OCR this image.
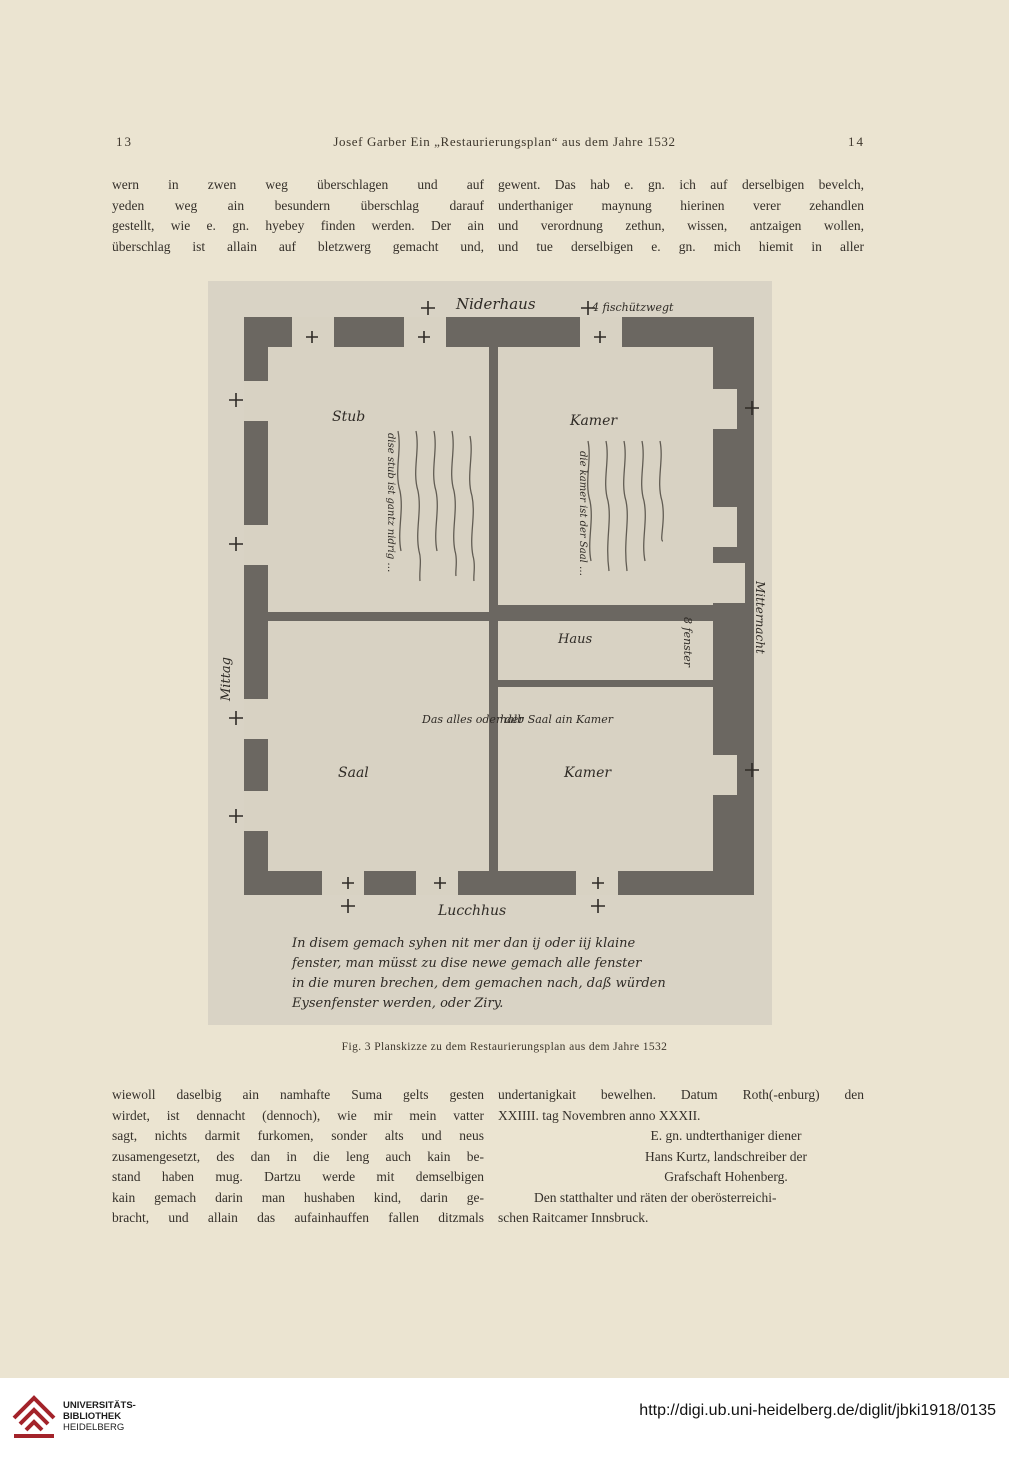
13	Josef Garber Ein „Restaurierungsplan“ aus dem Jahre 1532	14
wern in zwen weg überschlagen und auf
yeden weg ain besundern überschlag darauf
gestellt, wie e. gn. hyebey finden werden. Der ain
überschlag ist allain auf bletzwerg gemacht und,
gewent. Das hab e. gn. ich auf derselbigen bevelch,
underthaniger maynung hierinen verer zehandlen
und verordnung zethun, wissen, antzaigen wollen,
und tue derselbigen e. gn. mich hiemit in aller
Niderhaus	4 fischützwegt
Lucchhus
Stub	Kamer
Haus
Saal	Kamer
Das alles oder der
halb Saal ain Kamer
Mittag
Mitternacht
8 fenster
dise stub ist gantz nidrig …	die kamer ist der Saal …
In disem gemach syhen nit mer dan ij oder iij klaine
fenster, man müsst zu dise newe gemach alle fenster
in die muren brechen, dem gemachen nach, daß würden
Eysenfenster werden, oder Ziry.
Fig. 3 Planskizze zu dem Restaurierungsplan aus dem Jahre 1532
wiewoll daselbig ain namhafte Suma gelts gesten
wirdet, ist dennacht (dennoch), wie mir mein vatter
sagt, nichts darmit furkomen, sonder alts und neus
zusamengesetzt, des dan in die leng auch kain be-
stand haben mug. Dartzu werde mit demselbigen
kain gemach darin man hushaben kind, darin ge-
bracht, und allain das aufainhauffen fallen ditzmals
undertanigkait bewelhen. Datum Roth(-enburg) den
XXIIII. tag Novembren anno XXXII.
E. gn. undterthaniger diener
Hans Kurtz, landschreiber der
Grafschaft Hohenberg.
Den statthalter und räten der oberösterreichi-
schen Raitcamer Innsbruck.
UNIVERSITÄTS-
BIBLIOTHEK
HEIDELBERG
http://digi.ub.uni-heidelberg.de/diglit/jbki1918/0135
